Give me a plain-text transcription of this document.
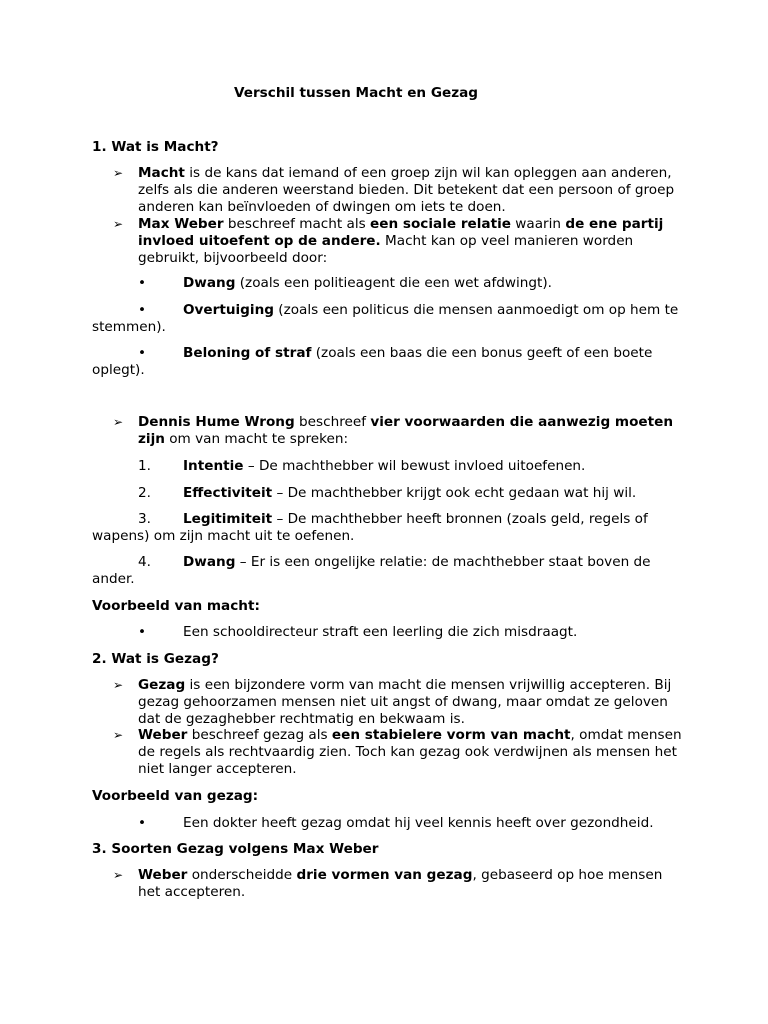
Verschil tussen Macht en Gezag
1. Wat is Macht?
➢	Macht is de kans dat iemand of een groep zijn wil kan opleggen aan anderen, zelfs als die anderen weerstand bieden. Dit betekent dat een persoon of groep anderen kan beïnvloeden of dwingen om iets te doen.
➢	Max Weber beschreef macht als een sociale relatie waarin de ene partij invloed uitoefent op de andere. Macht kan op veel manieren worden gebruikt, bijvoorbeeld door:
•	Dwang (zoals een politieagent die een wet afdwingt).
•	Overtuiging (zoals een politicus die mensen aanmoedigt om op hem te stemmen).
•	Beloning of straf (zoals een baas die een bonus geeft of een boete oplegt).
➢	Dennis Hume Wrong beschreef vier voorwaarden die aanwezig moeten zijn om van macht te spreken:
1. Intentie – De machthebber wil bewust invloed uitoefenen.
2. Effectiviteit – De machthebber krijgt ook echt gedaan wat hij wil.
3. Legitimiteit – De machthebber heeft bronnen (zoals geld, regels of wapens) om zijn macht uit te oefenen.
4. Dwang – Er is een ongelijke relatie: de machthebber staat boven de ander.
Voorbeeld van macht:
•	Een schooldirecteur straft een leerling die zich misdraagt.
2. Wat is Gezag?
➢	Gezag is een bijzondere vorm van macht die mensen vrijwillig accepteren. Bij gezag gehoorzamen mensen niet uit angst of dwang, maar omdat ze geloven dat de gezaghebber rechtmatig en bekwaam is.
➢	Weber beschreef gezag als een stabielere vorm van macht, omdat mensen de regels als rechtvaardig zien. Toch kan gezag ook verdwijnen als mensen het niet langer accepteren.
Voorbeeld van gezag:
•	Een dokter heeft gezag omdat hij veel kennis heeft over gezondheid.
3. Soorten Gezag volgens Max Weber
➢	Weber onderscheidde drie vormen van gezag, gebaseerd op hoe mensen het accepteren.
